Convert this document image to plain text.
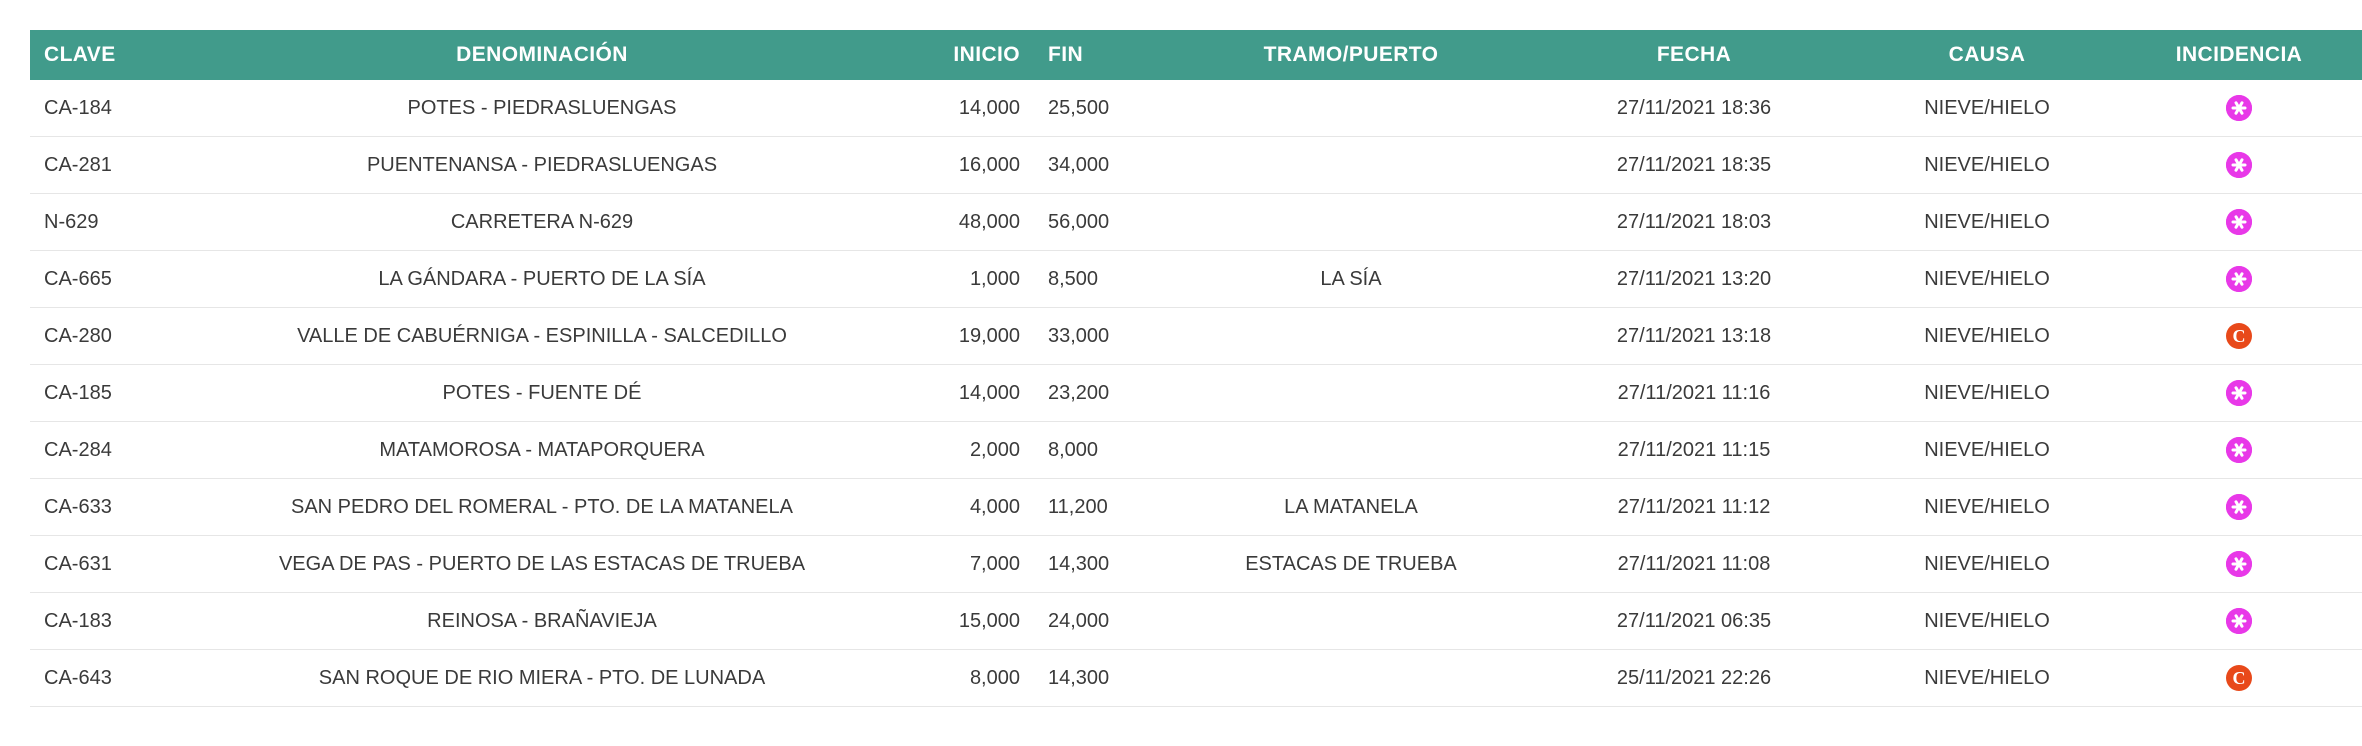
CLAVE	DENOMINACIÓN	INICIO	FIN	TRAMO/PUERTO	FECHA	CAUSA	INCIDENCIA
CA-184	POTES - PIEDRASLUENGAS	14,000	25,500		27/11/2021 18:36	NIEVE/HIELO	

CA-281	PUENTENANSA - PIEDRASLUENGAS	16,000	34,000		27/11/2021 18:35	NIEVE/HIELO	

N-629	CARRETERA N-629	48,000	56,000		27/11/2021 18:03	NIEVE/HIELO	

CA-665	LA GÁNDARA - PUERTO DE LA SÍA	1,000	8,500	LA SÍA	27/11/2021 13:20	NIEVE/HIELO	

CA-280	VALLE DE CABUÉRNIGA - ESPINILLA - SALCEDILLO	19,000	33,000		27/11/2021 13:18	NIEVE/HIELO	C

CA-185	POTES - FUENTE DÉ	14,000	23,200		27/11/2021 11:16	NIEVE/HIELO	

CA-284	MATAMOROSA - MATAPORQUERA	2,000	8,000		27/11/2021 11:15	NIEVE/HIELO	

CA-633	SAN PEDRO DEL ROMERAL - PTO. DE LA MATANELA	4,000	11,200	LA MATANELA	27/11/2021 11:12	NIEVE/HIELO	

CA-631	VEGA DE PAS - PUERTO DE LAS ESTACAS DE TRUEBA	7,000	14,300	ESTACAS DE TRUEBA	27/11/2021 11:08	NIEVE/HIELO	

CA-183	REINOSA - BRAÑAVIEJA	15,000	24,000		27/11/2021 06:35	NIEVE/HIELO	

CA-643	SAN ROQUE DE RIO MIERA - PTO. DE LUNADA	8,000	14,300		25/11/2021 22:26	NIEVE/HIELO	C
